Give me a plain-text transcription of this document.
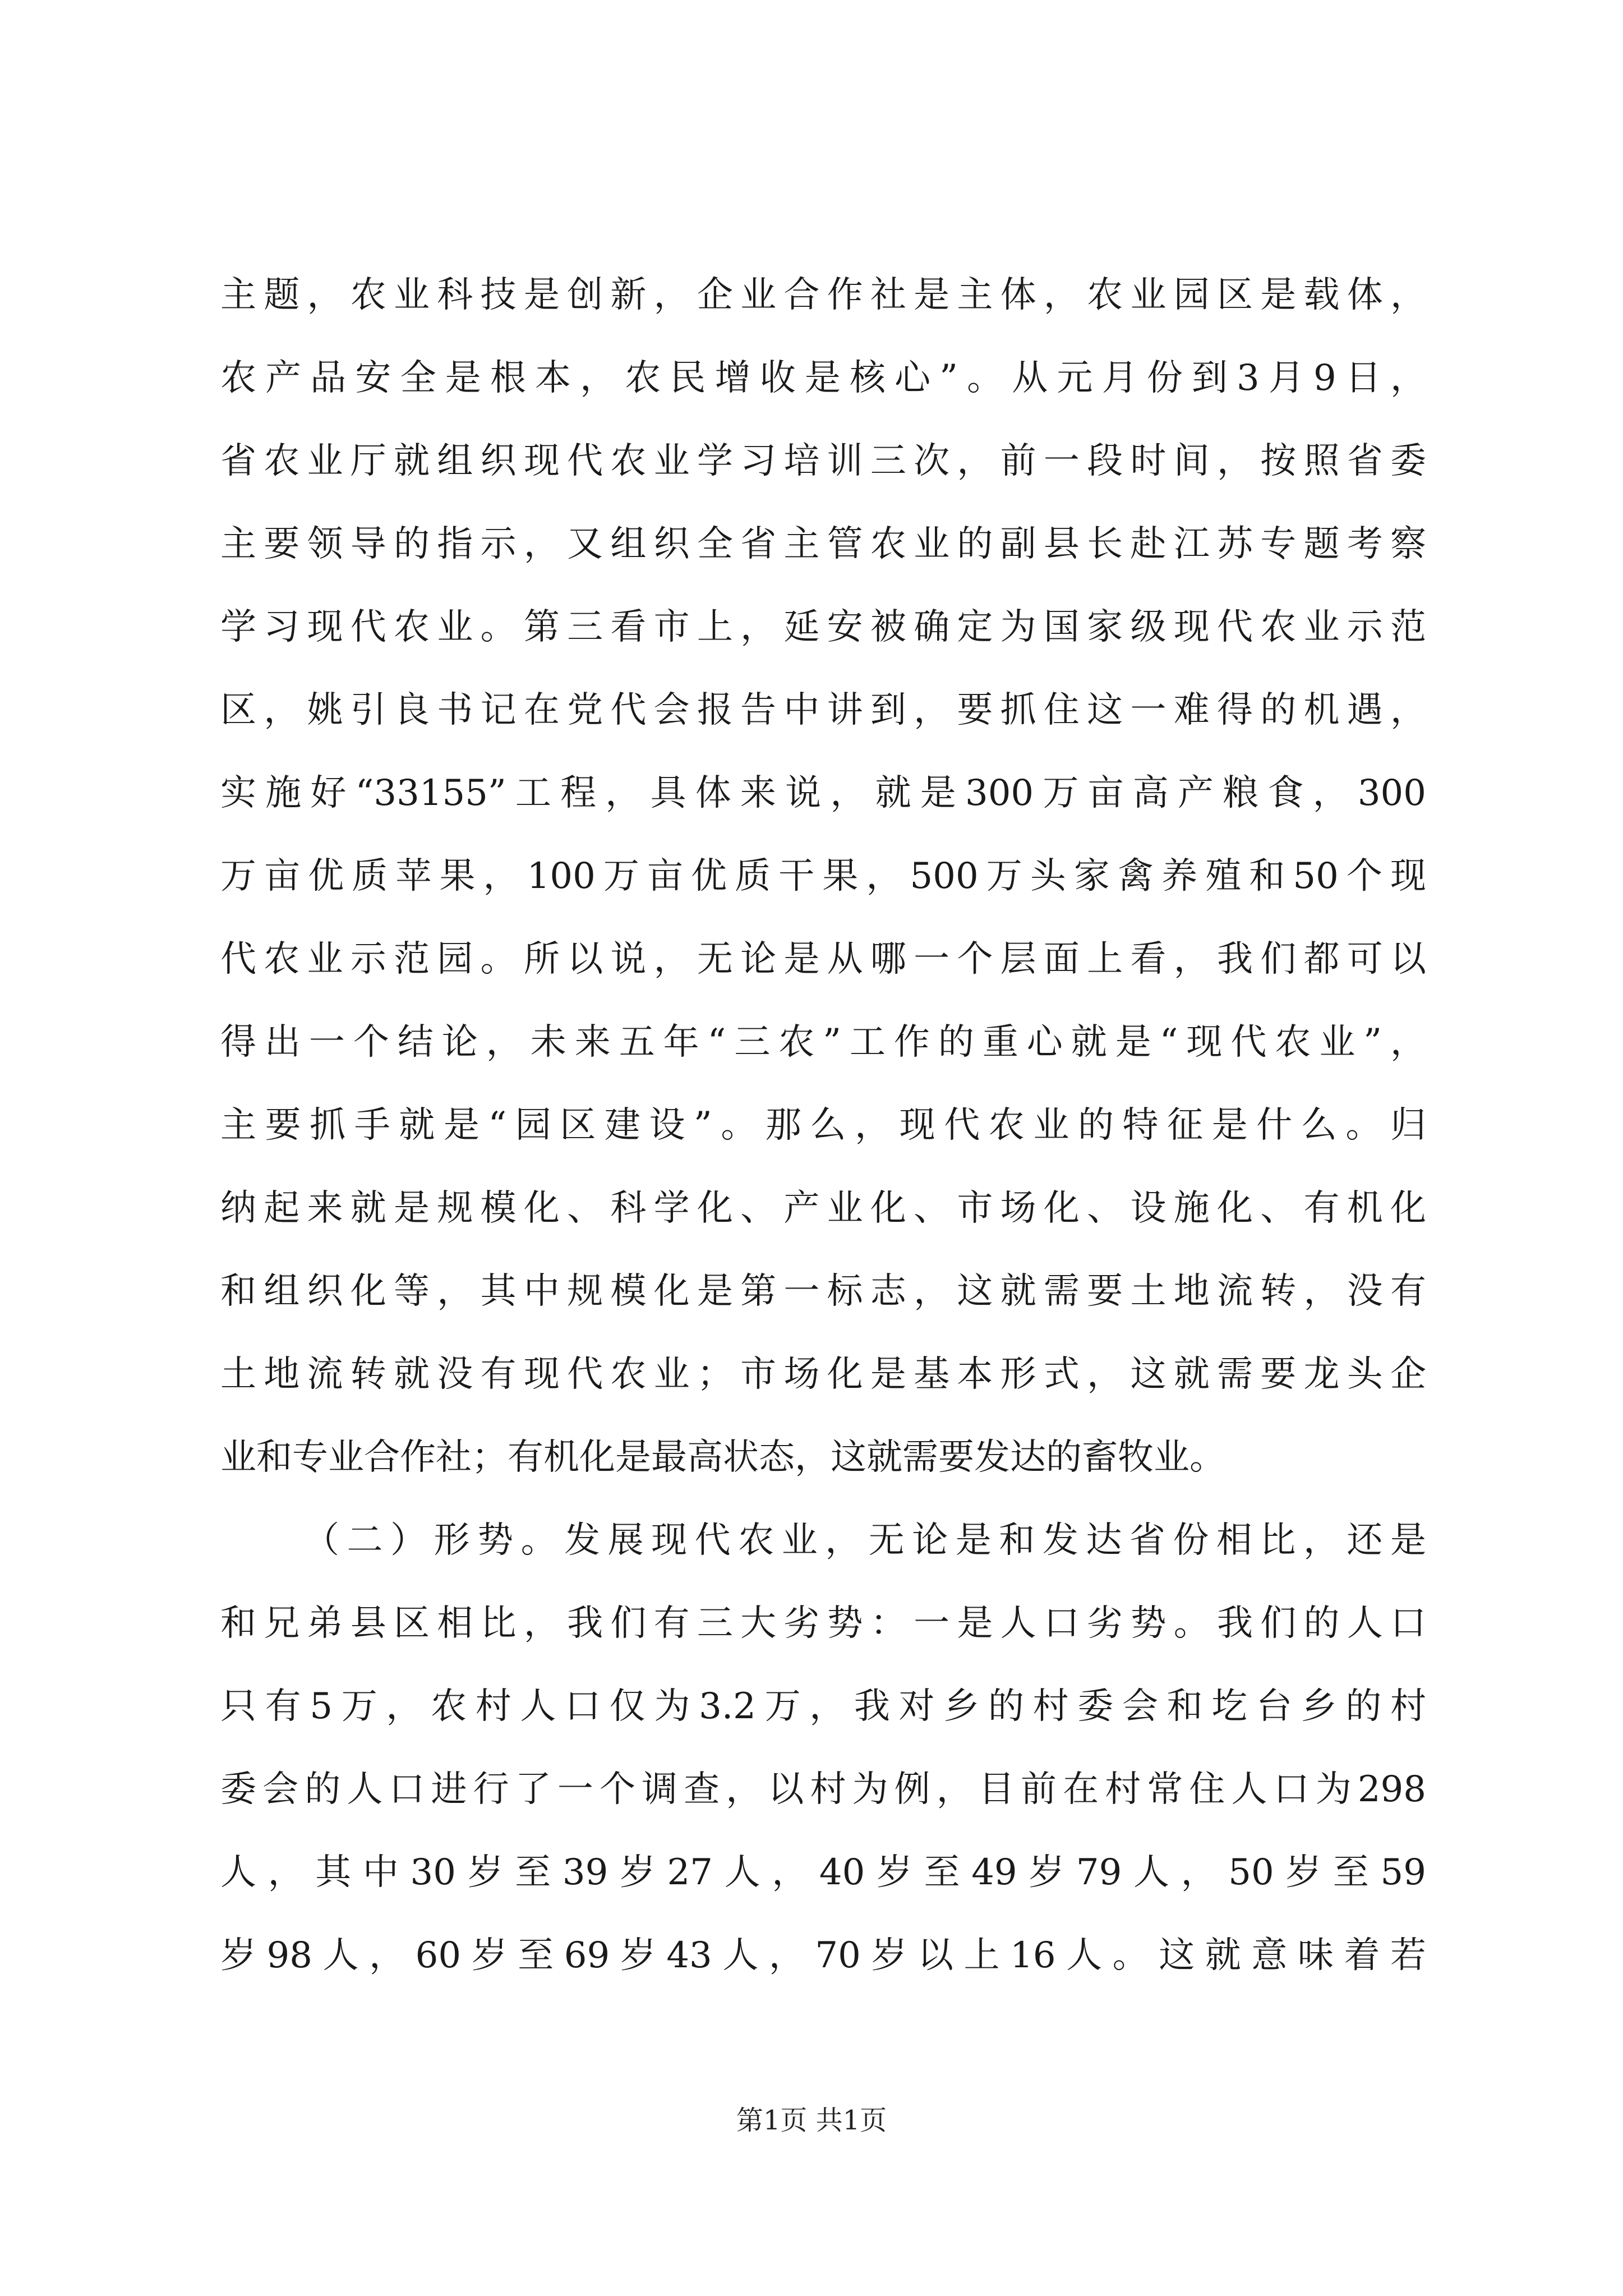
主题，农业科技是创新，企业合作社是主体，农业园区是载体，
农产品安全是根本，农民增收是核心”。从元月份到3月9日，
省农业厅就组织现代农业学习培训三次，前一段时间，按照省委
主要领导的指示，又组织全省主管农业的副县长赴江苏专题考察
学习现代农业。第三看市上，延安被确定为国家级现代农业示范
区，姚引良书记在党代会报告中讲到，要抓住这一难得的机遇，
实施好“33155”工程，具体来说，就是300万亩高产粮食，300
万亩优质苹果，100万亩优质干果，500万头家禽养殖和50个现
代农业示范园。所以说，无论是从哪一个层面上看，我们都可以
得出一个结论，未来五年“三农”工作的重心就是“现代农业”，
主要抓手就是“园区建设”。那么，现代农业的特征是什么。归
纳起来就是规模化、科学化、产业化、市场化、设施化、有机化
和组织化等，其中规模化是第一标志，这就需要土地流转，没有
土地流转就没有现代农业；市场化是基本形式，这就需要龙头企
业和专业合作社；有机化是最高状态，这就需要发达的畜牧业。
（二）形势。发展现代农业，无论是和发达省份相比，还是
和兄弟县区相比，我们有三大劣势：一是人口劣势。我们的人口
只有5万，农村人口仅为3.2万，我对乡的村委会和圪台乡的村
委会的人口进行了一个调查，以村为例，目前在村常住人口为298
人，其中30岁至39岁27人，40岁至49岁79人，50岁至59
岁98人，60岁至69岁43人，70岁以上16人。这就意味着若
第1页 共1页
